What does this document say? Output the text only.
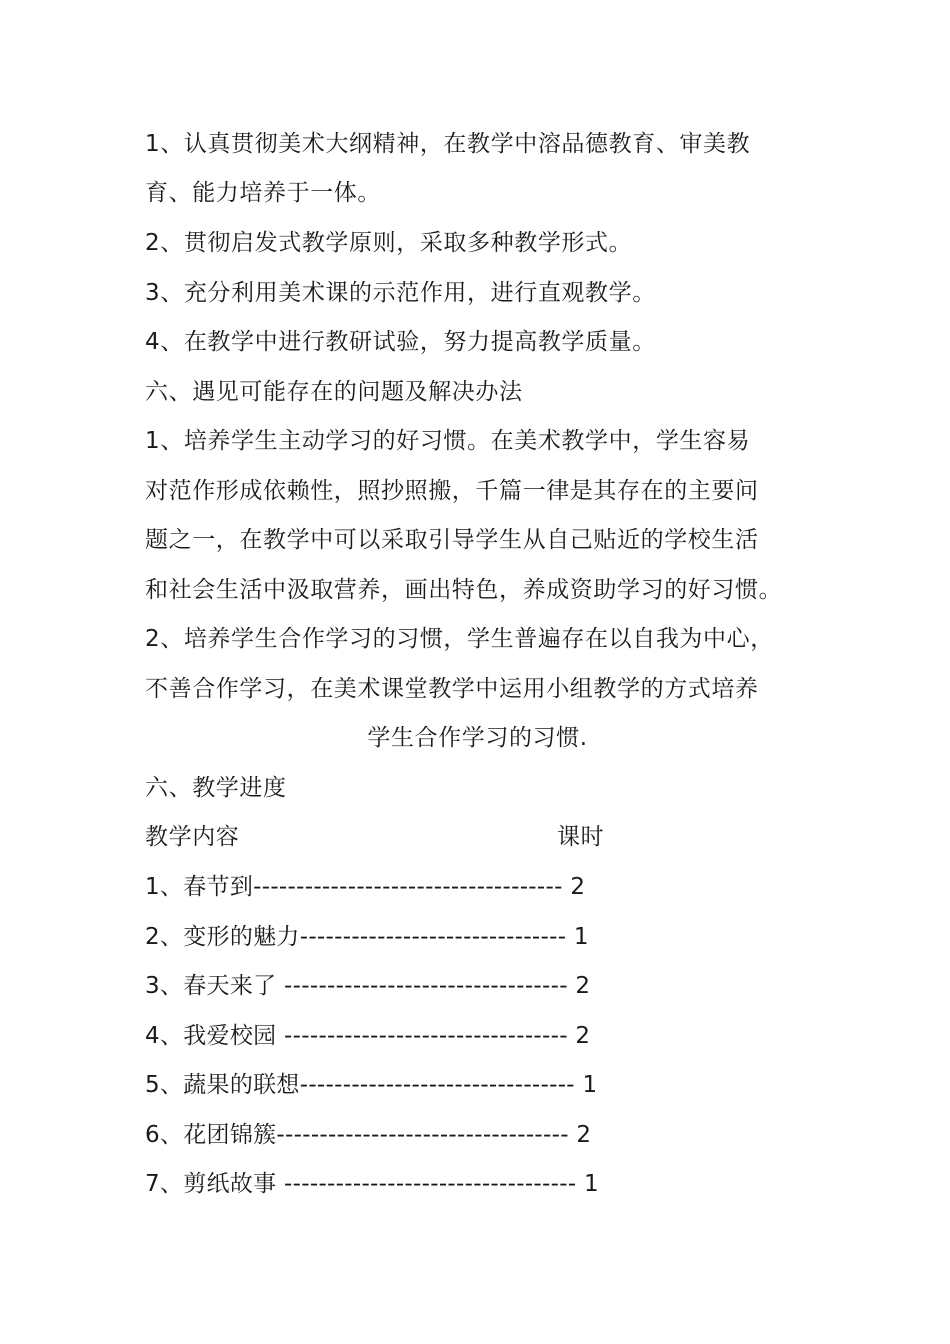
1、认真贯彻美术大纲精神，在教学中溶品德教育、审美教
育、能力培养于一体。
2、贯彻启发式教学原则，采取多种教学形式。
3、充分利用美术课的示范作用，进行直观教学。
4、在教学中进行教研试验，努力提高教学质量。
六、遇见可能存在的问题及解决办法
1、培养学生主动学习的好习惯。在美术教学中，学生容易
对范作形成依赖性，照抄照搬，千篇一律是其存在的主要问
题之一，在教学中可以采取引导学生从自己贴近的学校生活
和社会生活中汲取营养，画出特色，养成资助学习的好习惯。
2、培养学生合作学习的习惯，学生普遍存在以自我为中心，
不善合作学习，在美术课堂教学中运用小组教学的方式培养
学生合作学习的习惯.
六、教学进度
教学内容	课时
1、春节到------------------------------------ 2
2、变形的魅力------------------------------- 1
3、春天来了 --------------------------------- 2
4、我爱校园 --------------------------------- 2
5、蔬果的联想-------------------------------- 1
6、花团锦簇---------------------------------- 2
7、剪纸故事 ---------------------------------- 1
